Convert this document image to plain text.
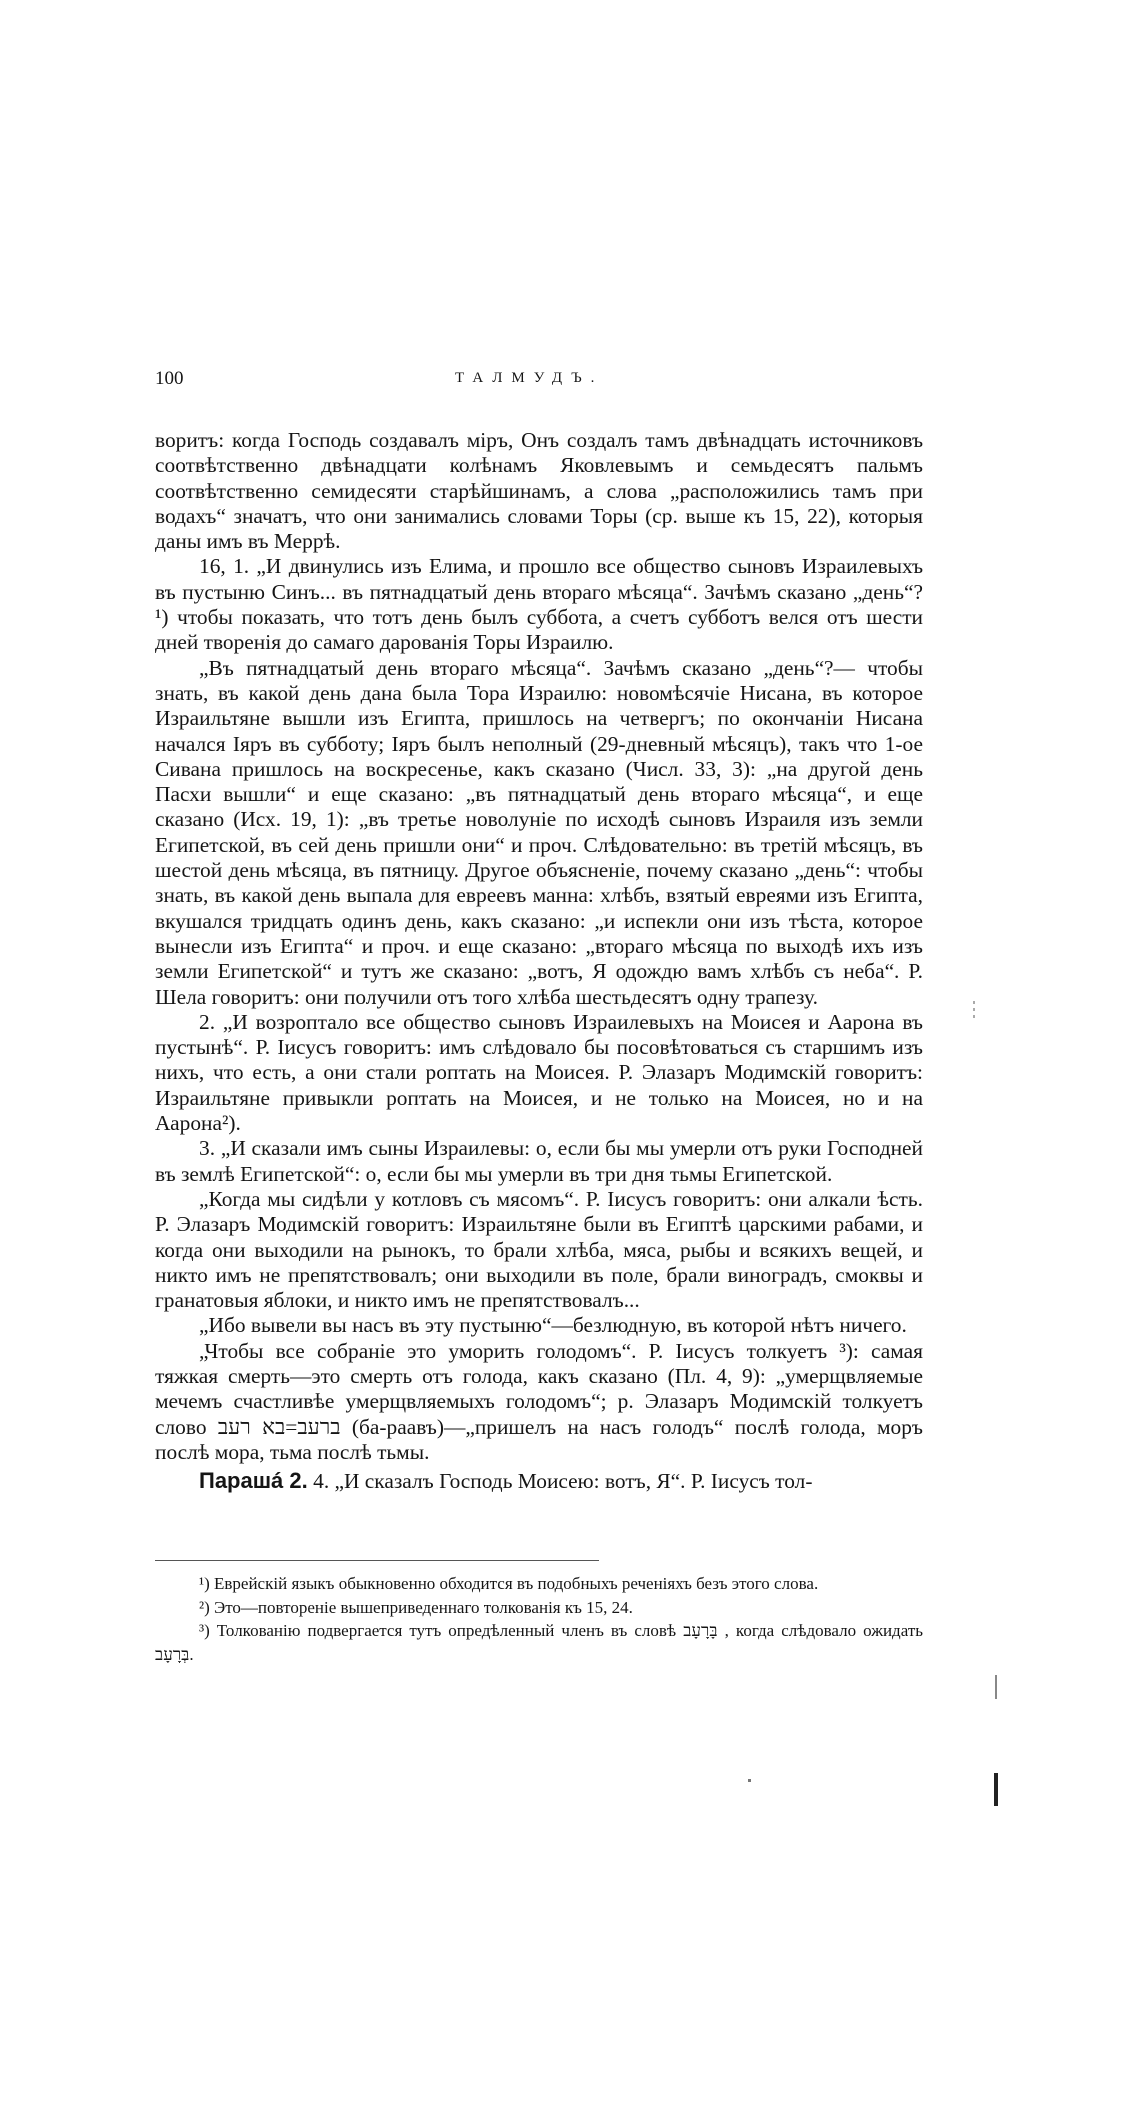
100	ТАЛМУДЪ.

воритъ: когда Господь создавалъ міръ, Онъ создалъ тамъ двѣнадцать источниковъ соотвѣтственно двѣнадцати колѣнамъ Яковлевымъ и семьдесятъ пальмъ соотвѣтственно семидесяти старѣйшинамъ, а слова „расположились тамъ при водахъ“ значатъ, что они занимались словами Торы (ср. выше къ 15, 22), которыя даны имъ въ Меррѣ.

16, 1. „И двинулись изъ Елима, и прошло все общество сыновъ Израилевыхъ въ пустыню Синъ... въ пятнадцатый день втораго мѣсяца“. Зачѣмъ сказано „день“? ¹) чтобы показать, что тотъ день былъ суббота, а счетъ субботъ велся отъ шести дней творенія до самаго дарованія Торы Израилю.

„Въ пятнадцатый день втораго мѣсяца“. Зачѣмъ сказано „день“?— чтобы знать, въ какой день дана была Тора Израилю: новомѣсячіе Нисана, въ которое Израильтяне вышли изъ Египта, пришлось на четвергъ; по окончаніи Нисана начался Іяръ въ субботу; Іяръ былъ неполный (29-дневный мѣсяцъ), такъ что 1-ое Сивана пришлось на воскресенье, какъ сказано (Числ. 33, 3): „на другой день Пасхи вышли“ и еще сказано: „въ пятнадцатый день втораго мѣсяца“, и еще сказано (Исх. 19, 1): „въ третье новолуніе по исходѣ сыновъ Израиля изъ земли Египетской, въ сей день пришли они“ и проч. Слѣдовательно: въ третій мѣсяцъ, въ шестой день мѣсяца, въ пятницу. Другое объясненіе, почему сказано „день“: чтобы знать, въ какой день выпала для евреевъ манна: хлѣбъ, взятый евреями изъ Египта, вкушался тридцать одинъ день, какъ сказано: „и испекли они изъ тѣста, которое вынесли изъ Египта“ и проч. и еще сказано: „втораго мѣсяца по выходѣ ихъ изъ земли Египетской“ и тутъ же сказано: „вотъ, Я одождю вамъ хлѣбъ съ неба“. Р. Шела говоритъ: они получили отъ того хлѣба шестьдесятъ одну трапезу.

2. „И возроптало все общество сыновъ Израилевыхъ на Моисея и Аарона въ пустынѣ“. Р. Іисусъ говоритъ: имъ слѣдовало бы посовѣтоваться съ старшимъ изъ нихъ, что есть, а они стали роптать на Моисея. Р. Элазаръ Модимскій говоритъ: Израильтяне привыкли роптать на Моисея, и не только на Моисея, но и на Аарона²).

3. „И сказали имъ сыны Израилевы: о, если бы мы умерли отъ руки Господней въ землѣ Египетской“: о, если бы мы умерли въ три дня тьмы Египетской.

„Когда мы сидѣли у котловъ съ мясомъ“. Р. Іисусъ говоритъ: они алкали ѣсть. Р. Элазаръ Модимскій говоритъ: Израильтяне были въ Египтѣ царскими рабами, и когда они выходили на рынокъ, то брали хлѣба, мяса, рыбы и всякихъ вещей, и никто имъ не препятствовалъ; они выходили въ поле, брали виноградъ, смоквы и гранатовыя яблоки, и никто имъ не препятствовалъ...

„Ибо вывели вы насъ въ эту пустыню“—безлюдную, въ которой нѣтъ ничего.

„Чтобы все собраніе это уморить голодомъ“. Р. Іисусъ толкуетъ ³): самая тяжкая смерть—это смерть отъ голода, какъ сказано (Пл. 4, 9): „умерщвляемые мечемъ счастливѣе умерщвляемыхъ голодомъ“; р. Элазаръ Модимскій толкуетъ слово ברעב=בא רעב (ба-раавъ)—„пришелъ на насъ голодъ“ послѣ голода, моръ послѣ мора, тьма послѣ тьмы.

Парашá 2. 4. „И сказалъ Господь Моисею: вотъ, Я“. Р. Іисусъ тол-

¹) Еврейскій языкъ обыкновенно обходится въ подобныхъ реченіяхъ безъ этого слова.

²) Это—повтореніе вышеприведеннаго толкованія къ 15, 24.

³) Толкованію подвергается тутъ опредѣленный членъ въ словѣ בָּרָעָב , когда слѣдовало ожидать בְּרָעָב.
